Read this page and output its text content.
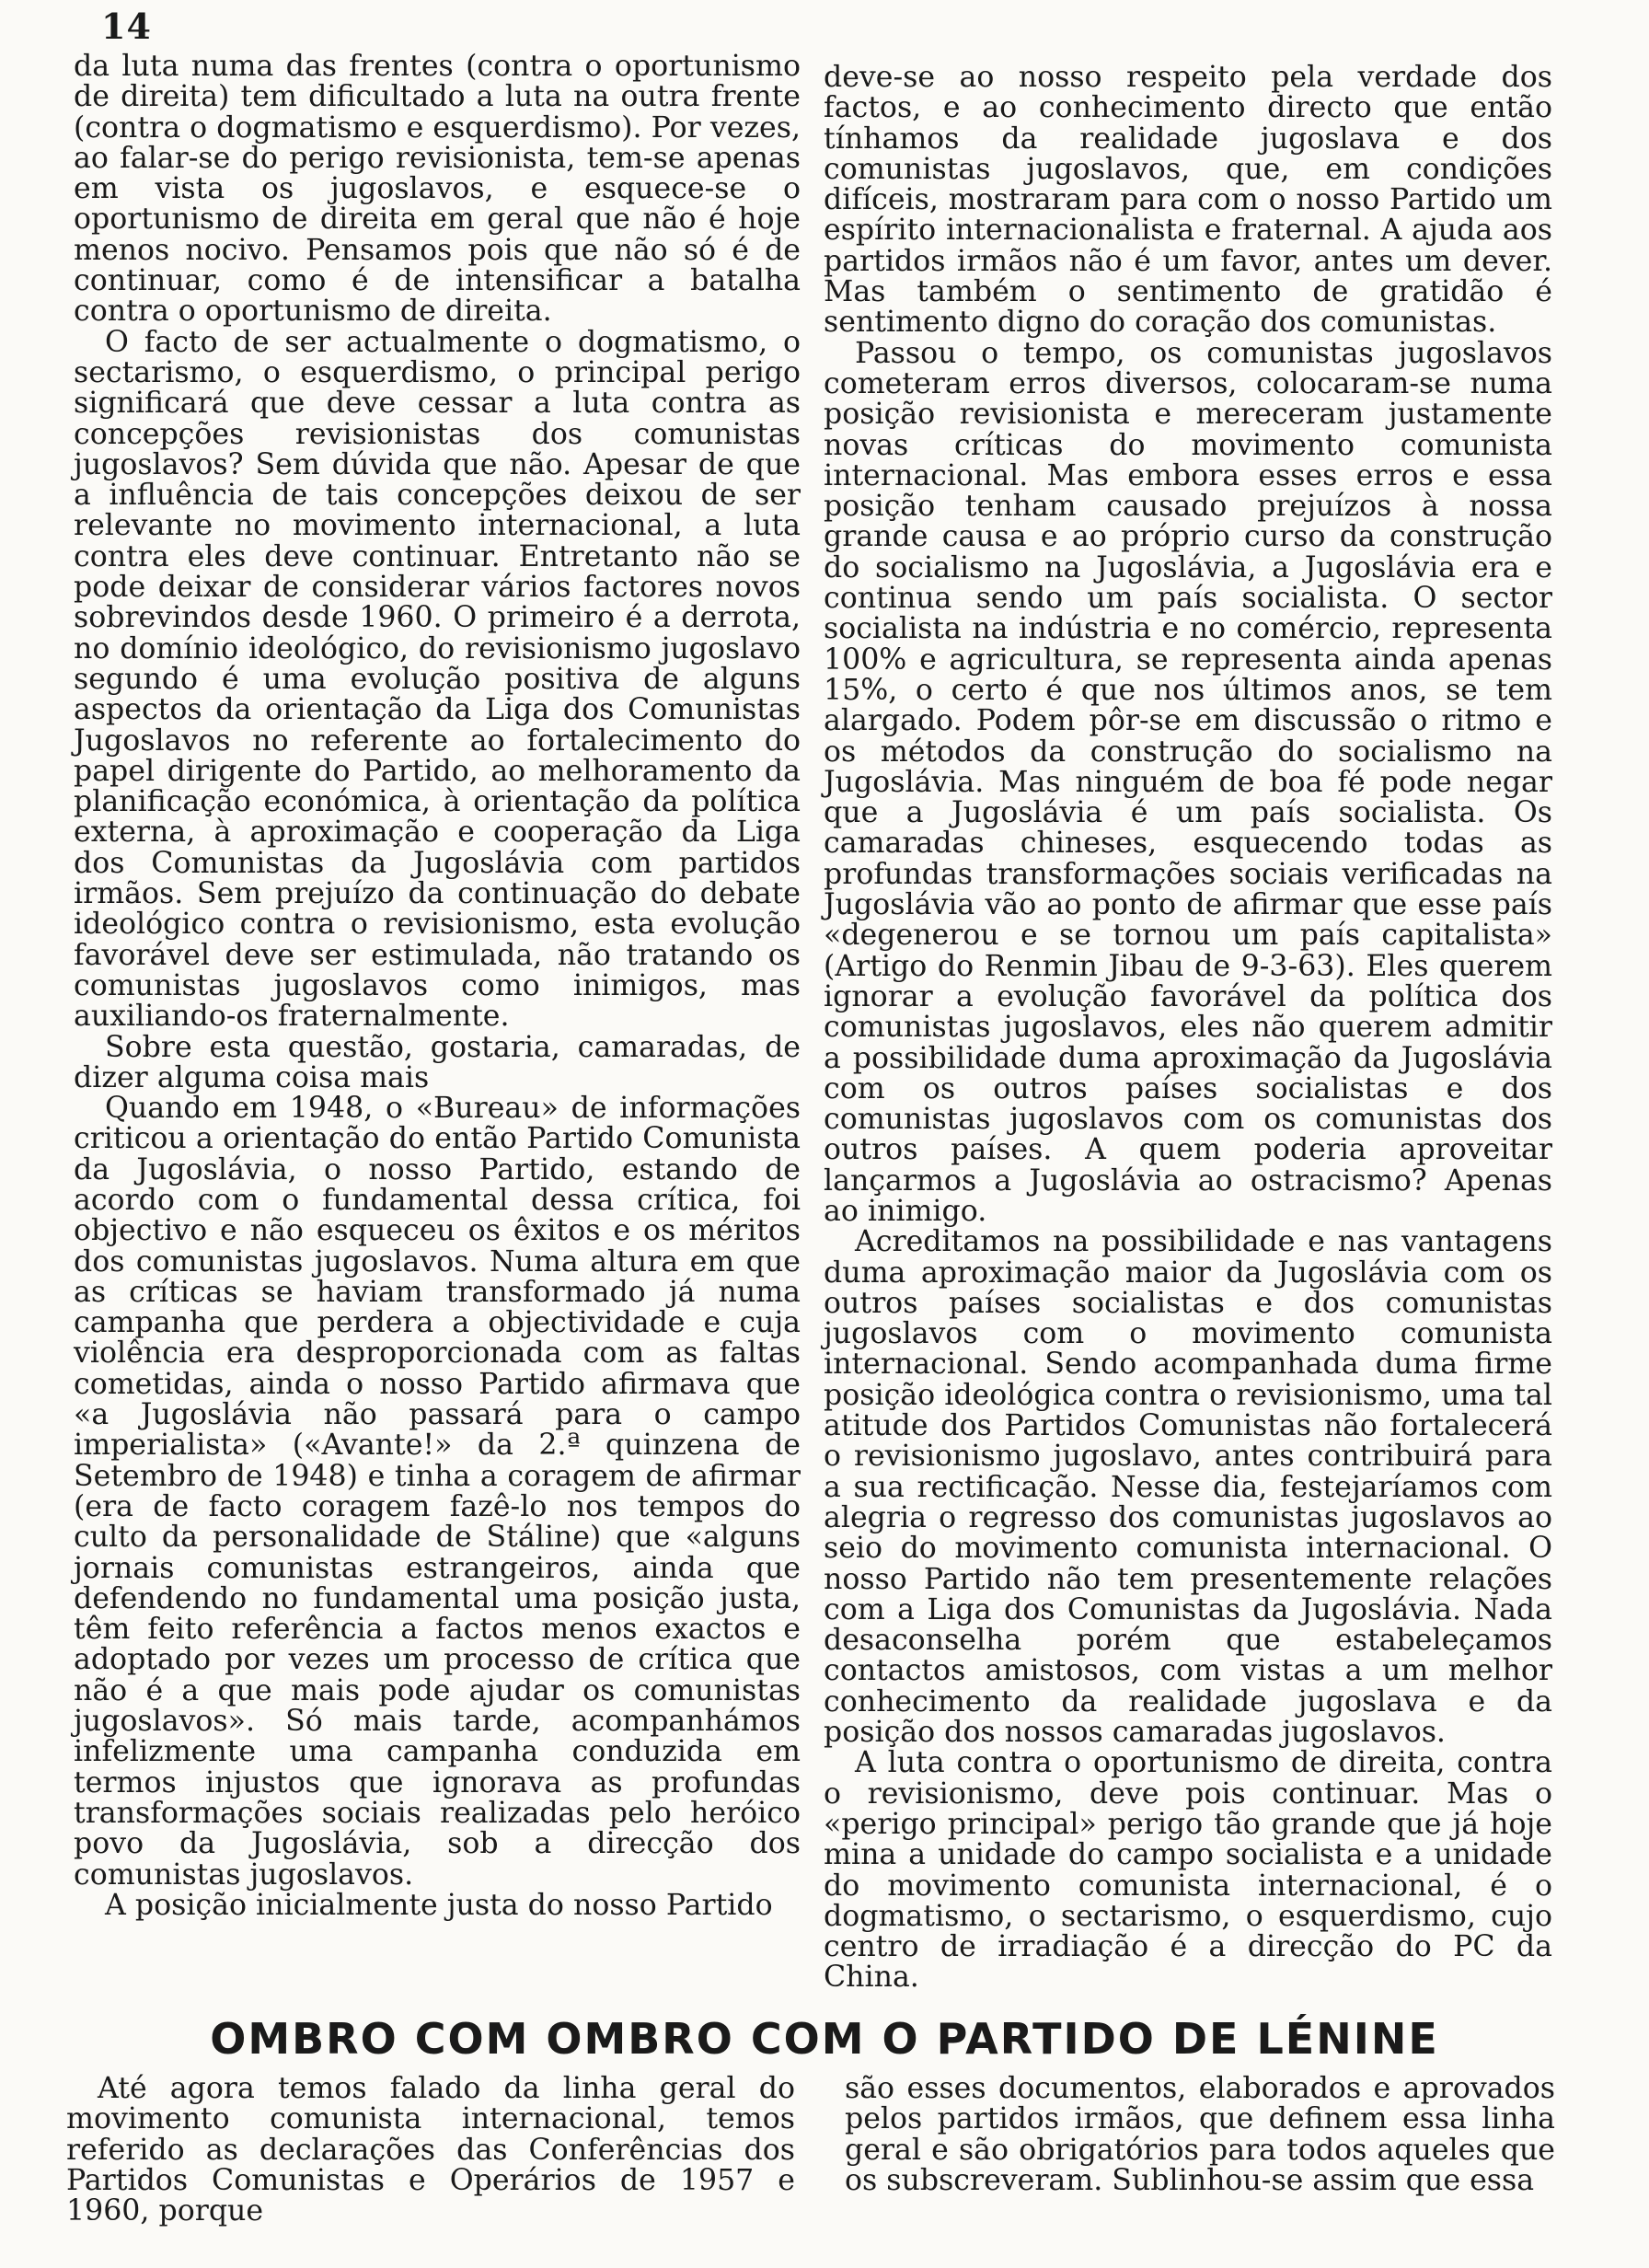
14

da luta numa das frentes (contra o oportunismo de direita) tem dificultado a luta na outra frente (contra o dogmatismo e esquerdismo). Por vezes, ao falar-se do perigo revisionista, tem-se apenas em vista os jugoslavos, e esquece-se o oportunismo de direita em geral que não é hoje menos nocivo. Pensamos pois que não só é de continuar, como é de intensificar a batalha contra o oportunismo de direita.

O facto de ser actualmente o dogmatismo, o sectarismo, o esquerdismo, o principal perigo significará que deve cessar a luta contra as concepções revisionistas dos comunistas jugoslavos? Sem dúvida que não. Apesar de que a influência de tais concepções deixou de ser relevante no movimento internacional, a luta contra eles deve continuar. Entretanto não se pode deixar de considerar vários factores novos sobrevindos desde 1960. O primeiro é a derrota, no domínio ideológico, do revisionismo jugoslavo segundo é uma evolução positiva de alguns aspectos da orientação da Liga dos Comunistas Jugoslavos no referente ao fortalecimento do papel dirigente do Partido, ao melhoramento da planificação económica, à orientação da política externa, à aproximação e cooperação da Liga dos Comunistas da Jugoslávia com partidos irmãos. Sem prejuízo da continuação do debate ideológico contra o revisionismo, esta evolução favorável deve ser estimulada, não tratando os comunistas jugoslavos como inimigos, mas auxiliando-os fraternalmente.

Sobre esta questão, gostaria, camaradas, de dizer alguma coisa mais

Quando em 1948, o «Bureau» de informações criticou a orientação do então Partido Comunista da Jugoslávia, o nosso Partido, estando de acordo com o fundamental dessa crítica, foi objectivo e não esqueceu os êxitos e os méritos dos comunistas jugoslavos. Numa altura em que as críticas se haviam transformado já numa campanha que perdera a objectividade e cuja violência era desproporcionada com as faltas cometidas, ainda o nosso Partido afirmava que «a Jugoslávia não passará para o campo imperialista» («Avante!» da 2.ª quinzena de Setembro de 1948) e tinha a coragem de afirmar (era de facto coragem fazê-lo nos tempos do culto da personalidade de Stáline) que «alguns jornais comunistas estrangeiros, ainda que defendendo no fundamental uma posição justa, têm feito referência a factos menos exactos e adoptado por vezes um processo de crítica que não é a que mais pode ajudar os comunistas jugoslavos». Só mais tarde, acompanhámos infelizmente uma campanha conduzida em termos injustos que ignorava as profundas transformações sociais realizadas pelo heróico povo da Jugoslávia, sob a direcção dos comunistas jugoslavos.

A posição inicialmente justa do nosso Partido

deve-se ao nosso respeito pela verdade dos factos, e ao conhecimento directo que então tínhamos da realidade jugoslava e dos comunistas jugoslavos, que, em condições difíceis, mostraram para com o nosso Partido um espírito internacionalista e fraternal. A ajuda aos partidos irmãos não é um favor, antes um dever. Mas também o sentimento de gratidão é sentimento digno do coração dos comunistas.

Passou o tempo, os comunistas jugoslavos cometeram erros diversos, colocaram-se numa posição revisionista e mereceram justamente novas críticas do movimento comunista internacional. Mas embora esses erros e essa posição tenham causado prejuízos à nossa grande causa e ao próprio curso da construção do socialismo na Jugoslávia, a Jugoslávia era e continua sendo um país socialista. O sector socialista na indústria e no comércio, representa 100% e agricultura, se representa ainda apenas 15%, o certo é que nos últimos anos, se tem alargado. Podem pôr-se em discussão o ritmo e os métodos da construção do socialismo na Jugoslávia. Mas ninguém de boa fé pode negar que a Jugoslávia é um país socialista. Os camaradas chineses, esquecendo todas as profundas transformações sociais verificadas na Jugoslávia vão ao ponto de afirmar que esse país «degenerou e se tornou um país capitalista» (Artigo do Renmin Jibau de 9-3-63). Eles querem ignorar a evolução favorável da política dos comunistas jugoslavos, eles não querem admitir a possibilidade duma aproximação da Jugoslávia com os outros países socialistas e dos comunistas jugoslavos com os comunistas dos outros países. A quem poderia aproveitar lançarmos a Jugoslávia ao ostracismo? Apenas ao inimigo.

Acreditamos na possibilidade e nas vantagens duma aproximação maior da Jugoslávia com os outros países socialistas e dos comunistas jugoslavos com o movimento comunista internacional. Sendo acompanhada duma firme posição ideológica contra o revisionismo, uma tal atitude dos Partidos Comunistas não fortalecerá o revisionismo jugoslavo, antes contribuirá para a sua rectificação. Nesse dia, festejaríamos com alegria o regresso dos comunistas jugoslavos ao seio do movimento comunista internacional. O nosso Partido não tem presentemente relações com a Liga dos Comunistas da Jugoslávia. Nada desaconselha porém que estabeleçamos contactos amistosos, com vistas a um melhor conhecimento da realidade jugoslava e da posição dos nossos camaradas jugoslavos.

A luta contra o oportunismo de direita, contra o revisionismo, deve pois continuar. Mas o «perigo principal» perigo tão grande que já hoje mina a unidade do campo socialista e a unidade do movimento comunista internacional, é o dogmatismo, o sectarismo, o esquerdismo, cujo centro de irradiação é a direcção do PC da China.

OMBRO COM OMBRO COM O PARTIDO DE LÉNINE

Até agora temos falado da linha geral do movimento comunista internacional, temos referido as declarações das Conferências dos Partidos Comunistas e Operários de 1957 e 1960, porque

são esses documentos, elaborados e aprovados pelos partidos irmãos, que definem essa linha geral e são obrigatórios para todos aqueles que os subscreveram. Sublinhou-se assim que essa
